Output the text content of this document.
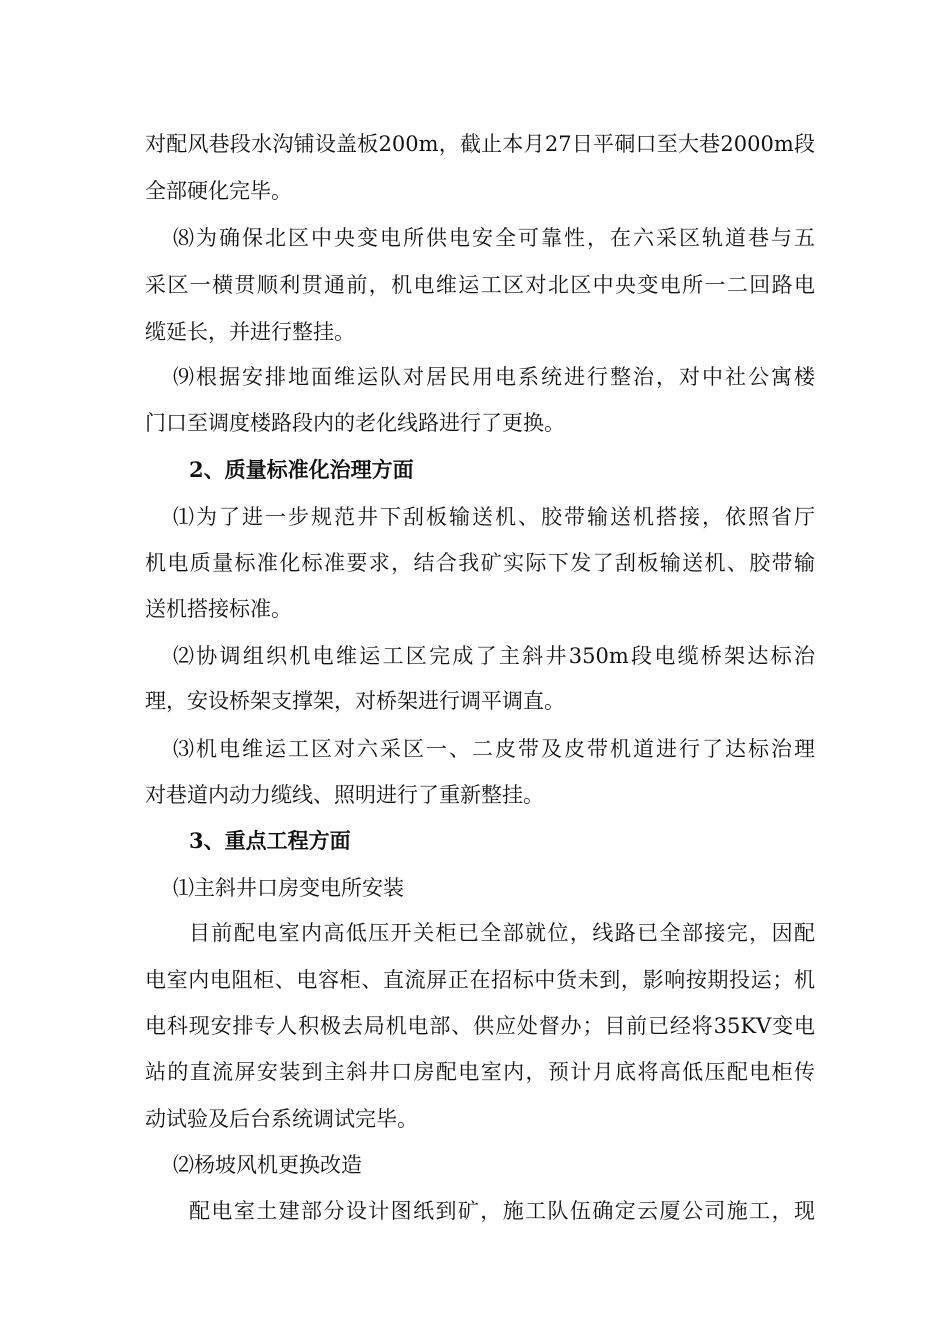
对配风巷段水沟铺设盖板200m，截止本月27日平硐口至大巷2000m段
全部硬化完毕。
⑻为确保北区中央变电所供电安全可靠性，在六采区轨道巷与五
采区一横贯顺利贯通前，机电维运工区对北区中央变电所一二回路电
缆延长，并进行整挂。
⑼根据安排地面维运队对居民用电系统进行整治，对中社公寓楼
门口至调度楼路段内的老化线路进行了更换。
2、质量标准化治理方面
⑴为了进一步规范井下刮板输送机、胶带输送机搭接，依照省厅
机电质量标准化标准要求，结合我矿实际下发了刮板输送机、胶带输
送机搭接标准。
⑵协调组织机电维运工区完成了主斜井350m段电缆桥架达标治
理，安设桥架支撑架，对桥架进行调平调直。
⑶机电维运工区对六采区一、二皮带及皮带机道进行了达标治理
对巷道内动力缆线、照明进行了重新整挂。
3、重点工程方面
⑴主斜井口房变电所安装
目前配电室内高低压开关柜已全部就位，线路已全部接完，因配
电室内电阻柜、电容柜、直流屏正在招标中货未到，影响按期投运；机
电科现安排专人积极去局机电部、供应处督办；目前已经将35KV变电
站的直流屏安装到主斜井口房配电室内，预计月底将高低压配电柜传
动试验及后台系统调试完毕。
⑵杨坡风机更换改造
配电室土建部分设计图纸到矿，施工队伍确定云厦公司施工，现
